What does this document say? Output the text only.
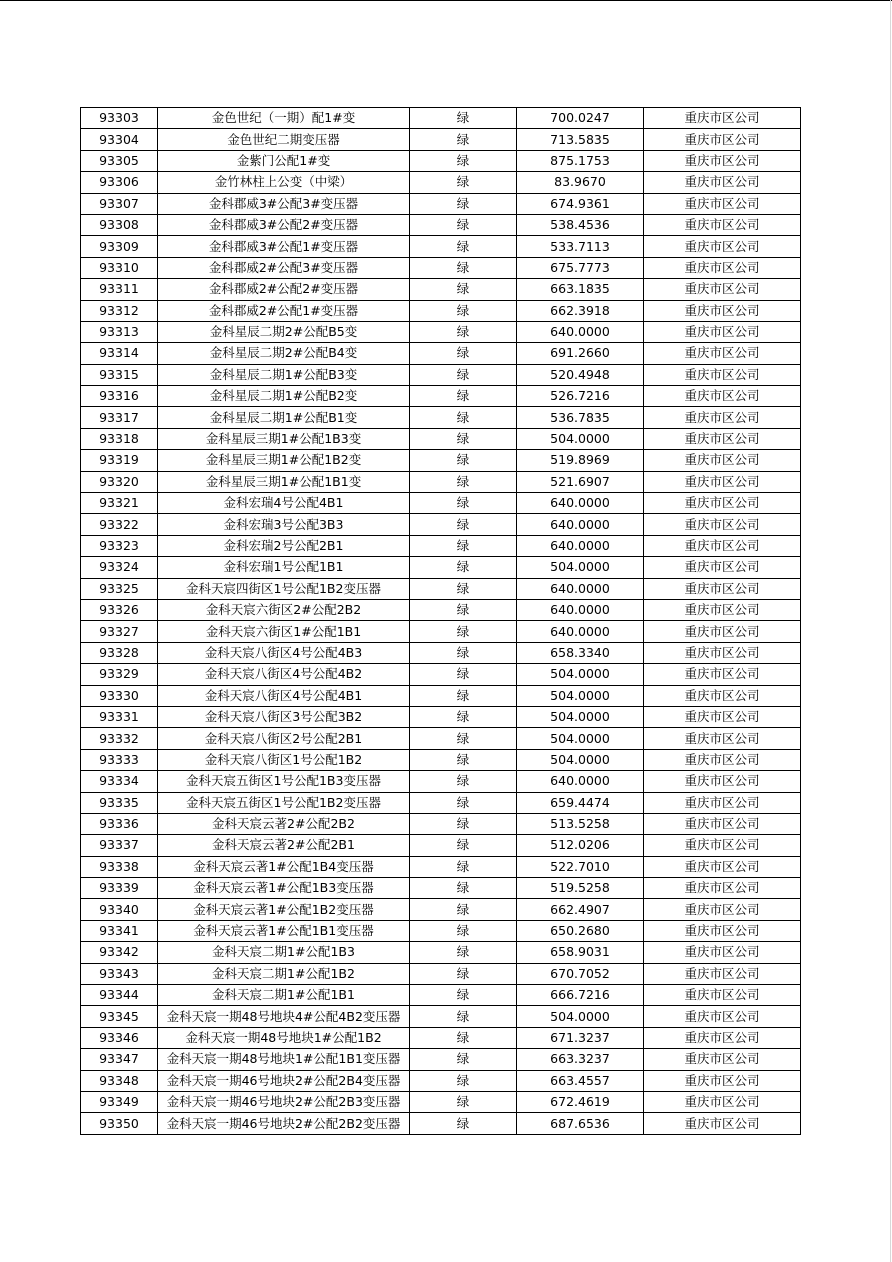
93303	金色世纪（一期）配1#变	绿	700.0247	重庆市区公司
93304	金色世纪二期变压器	绿	713.5835	重庆市区公司
93305	金紫门公配1#变	绿	875.1753	重庆市区公司
93306	金竹林柱上公变（中梁）	绿	83.9670	重庆市区公司
93307	金科郡威3#公配3#变压器	绿	674.9361	重庆市区公司
93308	金科郡威3#公配2#变压器	绿	538.4536	重庆市区公司
93309	金科郡威3#公配1#变压器	绿	533.7113	重庆市区公司
93310	金科郡威2#公配3#变压器	绿	675.7773	重庆市区公司
93311	金科郡威2#公配2#变压器	绿	663.1835	重庆市区公司
93312	金科郡威2#公配1#变压器	绿	662.3918	重庆市区公司
93313	金科星辰二期2#公配B5变	绿	640.0000	重庆市区公司
93314	金科星辰二期2#公配B4变	绿	691.2660	重庆市区公司
93315	金科星辰二期1#公配B3变	绿	520.4948	重庆市区公司
93316	金科星辰二期1#公配B2变	绿	526.7216	重庆市区公司
93317	金科星辰二期1#公配B1变	绿	536.7835	重庆市区公司
93318	金科星辰三期1#公配1B3变	绿	504.0000	重庆市区公司
93319	金科星辰三期1#公配1B2变	绿	519.8969	重庆市区公司
93320	金科星辰三期1#公配1B1变	绿	521.6907	重庆市区公司
93321	金科宏瑞4号公配4B1	绿	640.0000	重庆市区公司
93322	金科宏瑞3号公配3B3	绿	640.0000	重庆市区公司
93323	金科宏瑞2号公配2B1	绿	640.0000	重庆市区公司
93324	金科宏瑞1号公配1B1	绿	504.0000	重庆市区公司
93325	金科天宸四街区1号公配1B2变压器	绿	640.0000	重庆市区公司
93326	金科天宸六街区2#公配2B2	绿	640.0000	重庆市区公司
93327	金科天宸六街区1#公配1B1	绿	640.0000	重庆市区公司
93328	金科天宸八街区4号公配4B3	绿	658.3340	重庆市区公司
93329	金科天宸八街区4号公配4B2	绿	504.0000	重庆市区公司
93330	金科天宸八街区4号公配4B1	绿	504.0000	重庆市区公司
93331	金科天宸八街区3号公配3B2	绿	504.0000	重庆市区公司
93332	金科天宸八街区2号公配2B1	绿	504.0000	重庆市区公司
93333	金科天宸八街区1号公配1B2	绿	504.0000	重庆市区公司
93334	金科天宸五街区1号公配1B3变压器	绿	640.0000	重庆市区公司
93335	金科天宸五街区1号公配1B2变压器	绿	659.4474	重庆市区公司
93336	金科天宸云著2#公配2B2	绿	513.5258	重庆市区公司
93337	金科天宸云著2#公配2B1	绿	512.0206	重庆市区公司
93338	金科天宸云著1#公配1B4变压器	绿	522.7010	重庆市区公司
93339	金科天宸云著1#公配1B3变压器	绿	519.5258	重庆市区公司
93340	金科天宸云著1#公配1B2变压器	绿	662.4907	重庆市区公司
93341	金科天宸云著1#公配1B1变压器	绿	650.2680	重庆市区公司
93342	金科天宸二期1#公配1B3	绿	658.9031	重庆市区公司
93343	金科天宸二期1#公配1B2	绿	670.7052	重庆市区公司
93344	金科天宸二期1#公配1B1	绿	666.7216	重庆市区公司
93345	金科天宸一期48号地块4#公配4B2变压器	绿	504.0000	重庆市区公司
93346	金科天宸一期48号地块1#公配1B2	绿	671.3237	重庆市区公司
93347	金科天宸一期48号地块1#公配1B1变压器	绿	663.3237	重庆市区公司
93348	金科天宸一期46号地块2#公配2B4变压器	绿	663.4557	重庆市区公司
93349	金科天宸一期46号地块2#公配2B3变压器	绿	672.4619	重庆市区公司
93350	金科天宸一期46号地块2#公配2B2变压器	绿	687.6536	重庆市区公司
